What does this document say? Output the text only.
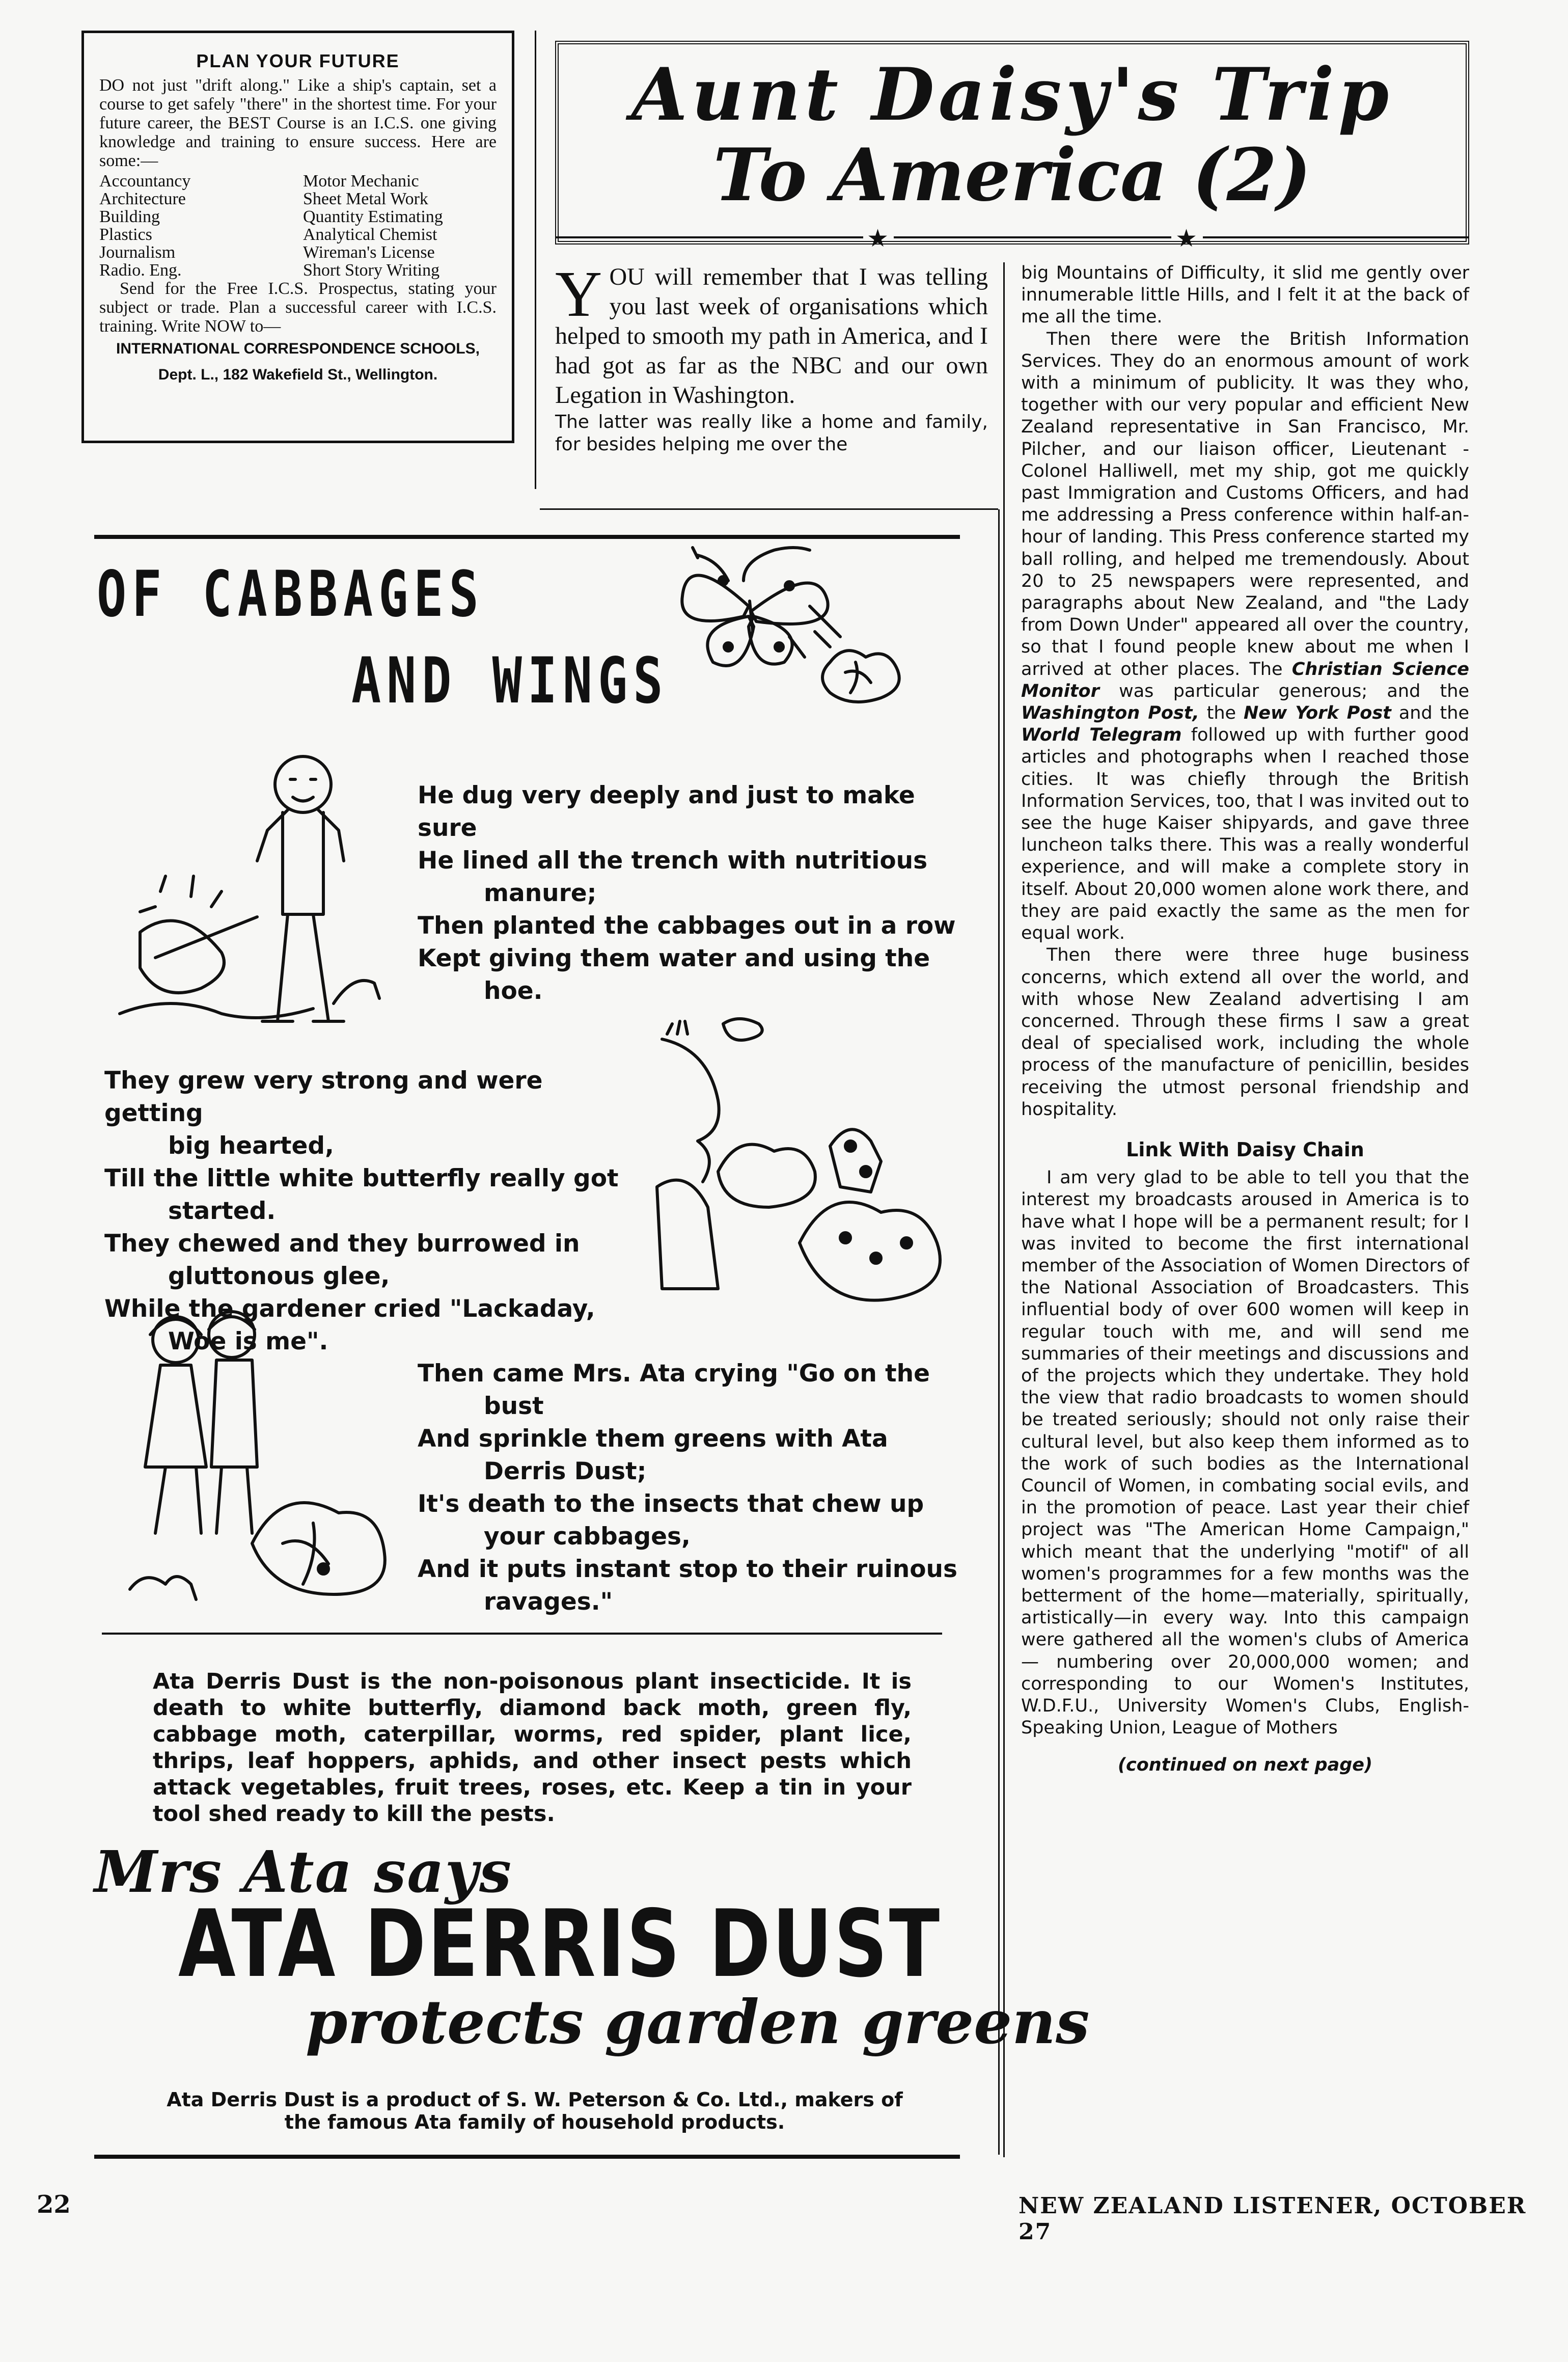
PLAN YOUR FUTURE
DO not just "drift along." Like a ship's captain, set a course to get safely "there" in the shortest time. For your future career, the BEST Course is an I.C.S. one giving knowledge and training to ensure success. Here are some:—
Accountancy	Motor Mechanic
Architecture	Sheet Metal Work
Building	Quantity Estimating
Plastics	Analytical Chemist
Journalism	Wireman's License
Radio. Eng.	Short Story Writing
Send for the Free I.C.S. Prospectus, stating your subject or trade. Plan a successful career with I.C.S. training. Write NOW to—
INTERNATIONAL CORRESPONDENCE SCHOOLS,
Dept. L., 182 Wakefield St., Wellington.
Aunt Daisy's Trip
To America (2)
★	★
Y OU will remember that I was telling you last week of organisations which helped to smooth my path in America, and I had got as far as the NBC and our own Legation in Washington.
The latter was really like a home and family, for besides helping me over the

big Mountains of Difficulty, it slid me gently over innumerable little Hills, and I felt it at the back of me all the time.

Then there were the British Information Services. They do an enormous amount of work with a minimum of publicity. It was they who, together with our very popular and efficient New Zealand representative in San Francisco, Mr. Pilcher, and our liaison officer, Lieutenant - Colonel Halliwell, met my ship, got me quickly past Immigration and Customs Officers, and had me addressing a Press conference within half-an-hour of landing. This Press conference started my ball rolling, and helped me tremendously. About 20 to 25 newspapers were represented, and paragraphs about New Zealand, and "the Lady from Down Under" appeared all over the country, so that I found people knew about me when I arrived at other places. The Christian Science Monitor was particular generous; and the Washington Post, the New York Post and the World Telegram followed up with further good articles and photographs when I reached those cities. It was chiefly through the British Information Services, too, that I was invited out to see the huge Kaiser shipyards, and gave three luncheon talks there. This was a really wonderful experience, and will make a complete story in itself. About 20,000 women alone work there, and they are paid exactly the same as the men for equal work.

Then there were three huge business concerns, which extend all over the world, and with whose New Zealand advertising I am concerned. Through these firms I saw a great deal of specialised work, including the whole process of the manufacture of penicillin, besides receiving the utmost personal friendship and hospitality.

Link With Daisy Chain

I am very glad to be able to tell you that the interest my broadcasts aroused in America is to have what I hope will be a permanent result; for I was invited to become the first international member of the Association of Women Directors of the National Association of Broadcasters. This influential body of over 600 women will keep in regular touch with me, and will send me summaries of their meetings and discussions and of the projects which they undertake. They hold the view that radio broadcasts to women should be treated seriously; should not only raise their cultural level, but also keep them informed as to the work of such bodies as the International Council of Women, in combating social evils, and in the promotion of peace. Last year their chief project was "The American Home Campaign," which meant that the underlying "motif" of all women's programmes for a few months was the betterment of the home—materially, spiritually, artistically—in every way. Into this campaign were gathered all the women's clubs of America — numbering over 20,000,000 women; and corresponding to our Women's Institutes, W.D.F.U., University Women's Clubs, English-Speaking Union, League of Mothers

(continued on next page)

OF CABBAGES
AND WINGS
He dug very deeply and just to make sure
He lined all the trench with nutritious
manure;
Then planted the cabbages out in a row
Kept giving them water and using the
hoe.
They grew very strong and were getting
big hearted,
Till the little white butterfly really got
started.
They chewed and they burrowed in
gluttonous glee,
While the gardener cried "Lackaday,
Woe is me".
Then came Mrs. Ata crying "Go on the
bust
And sprinkle them greens with Ata
Derris Dust;
It's death to the insects that chew up
your cabbages,
And it puts instant stop to their ruinous
ravages."
Ata Derris Dust is the non-poisonous plant insecticide. It is death to white butterfly, diamond back moth, green fly, cabbage moth, caterpillar, worms, red spider, plant lice, thrips, leaf hoppers, aphids, and other insect pests which attack vegetables, fruit trees, roses, etc. Keep a tin in your tool shed ready to kill the pests.
Mrs Ata says
ATA DERRIS DUST
protects garden greens
Ata Derris Dust is a product of S. W. Peterson & Co. Ltd., makers of the famous Ata family of household products.
22	NEW ZEALAND LISTENER, OCTOBER 27
